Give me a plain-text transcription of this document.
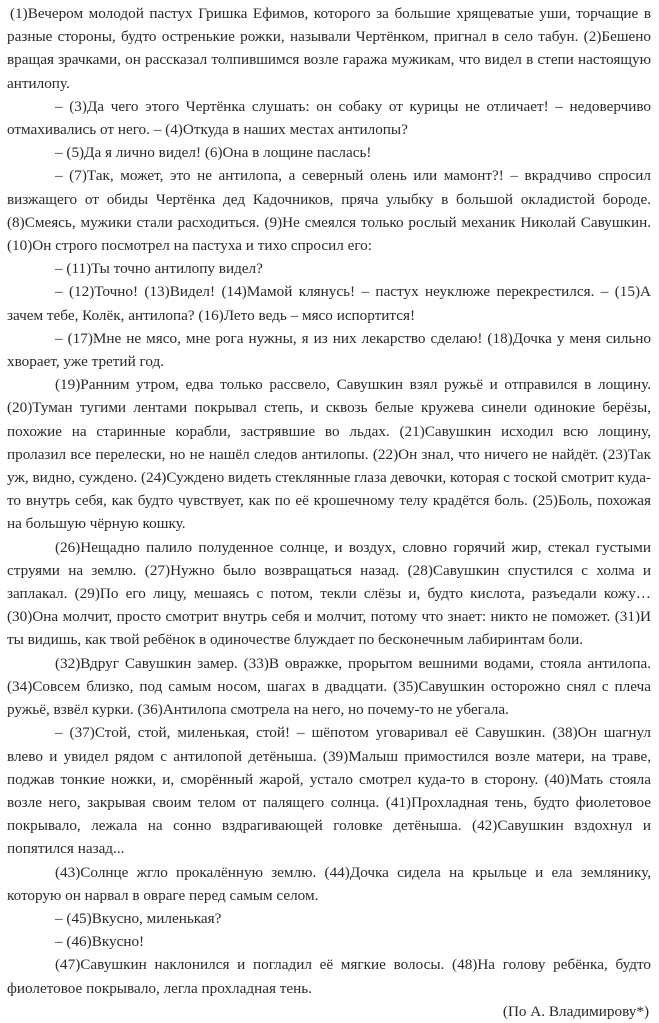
(1)Вечером молодой пастух Гришка Ефимов, которого за большие хрящеватые уши, торчащие в разные стороны, будто остренькие рожки, называли Чертёнком, пригнал в село табун. (2)Бешено вращая зрачками, он рассказал толпившимся возле гаража мужикам, что видел в степи настоящую антилопу.

– (3)Да чего этого Чертёнка слушать: он собаку от курицы не отличает! – недоверчиво отмахивались от него. – (4)Откуда в наших местах антилопы?

– (5)Да я лично видел! (6)Она в лощине паслась!

– (7)Так, может, это не антилопа, а северный олень или мамонт?! – вкрадчиво спросил визжащего от обиды Чертёнка дед Кадочников, пряча улыбку в большой окладистой бороде. (8)Смеясь, мужики стали расходиться. (9)Не смеялся только рослый механик Николай Савушкин. (10)Он строго посмотрел на пастуха и тихо спросил его:

– (11)Ты точно антилопу видел?

– (12)Точно! (13)Видел! (14)Мамой клянусь! – пастух неуклюже перекрестился. – (15)А зачем тебе, Колёк, антилопа? (16)Лето ведь – мясо испортится!

– (17)Мне не мясо, мне рога нужны, я из них лекарство сделаю! (18)Дочка у меня сильно хворает, уже третий год.

(19)Ранним утром, едва только рассвело, Савушкин взял ружьё и отправился в лощину. (20)Туман тугими лентами покрывал степь, и сквозь белые кружева синели одинокие берёзы, похожие на старинные корабли, застрявшие во льдах. (21)Савушкин исходил всю лощину, пролазил все перелески, но не нашёл следов антилопы. (22)Он знал, что ничего не найдёт. (23)Так уж, видно, суждено. (24)Суждено видеть стеклянные глаза девочки, которая с тоской смотрит куда-то внутрь себя, как будто чувствует, как по её крошечному телу крадётся боль. (25)Боль, похожая на большую чёрную кошку.

(26)Нещадно палило полуденное солнце, и воздух, словно горячий жир, стекал густыми струями на землю. (27)Нужно было возвращаться назад. (28)Савушкин спустился с холма и заплакал. (29)По его лицу, мешаясь с потом, текли слёзы и, будто кислота, разъедали кожу… (30)Она молчит, просто смотрит внутрь себя и молчит, потому что знает: никто не поможет. (31)И ты видишь, как твой ребёнок в одиночестве блуждает по бесконечным лабиринтам боли.

(32)Вдруг Савушкин замер. (33)В овражке, прорытом вешними водами, стояла антилопа. (34)Совсем близко, под самым носом, шагах в двадцати. (35)Савушкин осторожно снял с плеча ружьё, взвёл курки. (36)Антилопа смотрела на него, но почему-то не убегала.

– (37)Стой, стой, миленькая, стой! – шёпотом уговаривал её Савушкин. (38)Он шагнул влево и увидел рядом с антилопой детёныша. (39)Малыш примостился возле матери, на траве, поджав тонкие ножки, и, сморённый жарой, устало смотрел куда-то в сторону. (40)Мать стояла возле него, закрывая своим телом от палящего солнца. (41)Прохладная тень, будто фиолетовое покрывало, лежала на сонно вздрагивающей головке детёныша. (42)Савушкин вздохнул и попятился назад...

(43)Солнце жгло прокалённую землю. (44)Дочка сидела на крыльце и ела землянику, которую он нарвал в овраге перед самым селом.

– (45)Вкусно, миленькая?

– (46)Вкусно!

(47)Савушкин наклонился и погладил её мягкие волосы. (48)На голову ребёнка, будто фиолетовое покрывало, легла прохладная тень.

(По А. Владимирову*)
